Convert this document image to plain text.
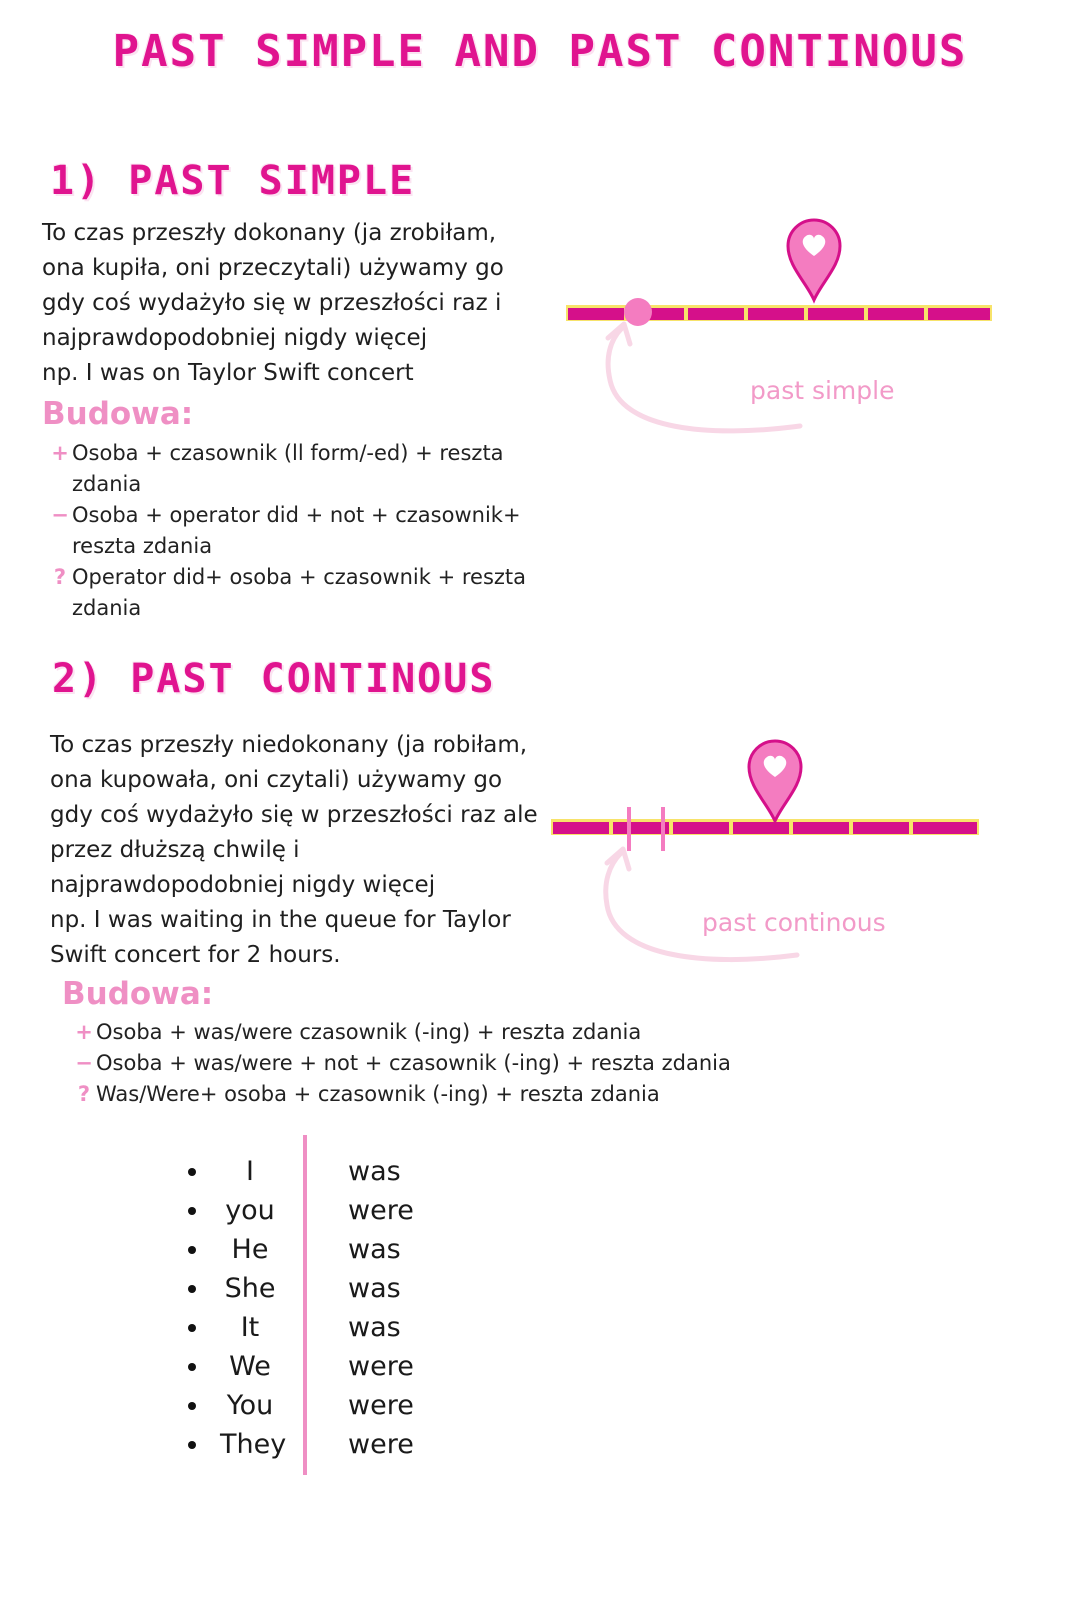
PAST SIMPLE AND PAST CONTINOUS
1) PAST SIMPLE

To czas przeszły dokonany (ja zrobiłam,

ona kupiła, oni przeczytali) używamy go

gdy coś wydażyło się w przeszłości raz i

najprawdopodobniej nigdy więcej

np. I was on Taylor Swift concert

Budowa:
+ Osoba + czasownik (ll form/-ed) + reszta zdania
− Osoba + operator did + not + czasownik+ reszta zdania
? Operator did+ osoba + czasownik + reszta zdania
past simple
2) PAST CONTINOUS

To czas przeszły niedokonany (ja robiłam,

ona kupowała, oni czytali) używamy go

gdy coś wydażyło się w przeszłości raz ale

przez dłuższą chwilę i

najprawdopodobniej nigdy więcej

np. I was waiting in the queue for Taylor

Swift concert for 2 hours.

Budowa:
+ Osoba + was/were czasownik (-ing) + reszta zdania
− Osoba + was/were + not + czasownik (-ing) + reszta zdania
? Was/Were+ osoba + czasownik (-ing) + reszta zdania
past continous
I
you
He
She
It
We
You
They
was
were
was
was
was
were
were
were
